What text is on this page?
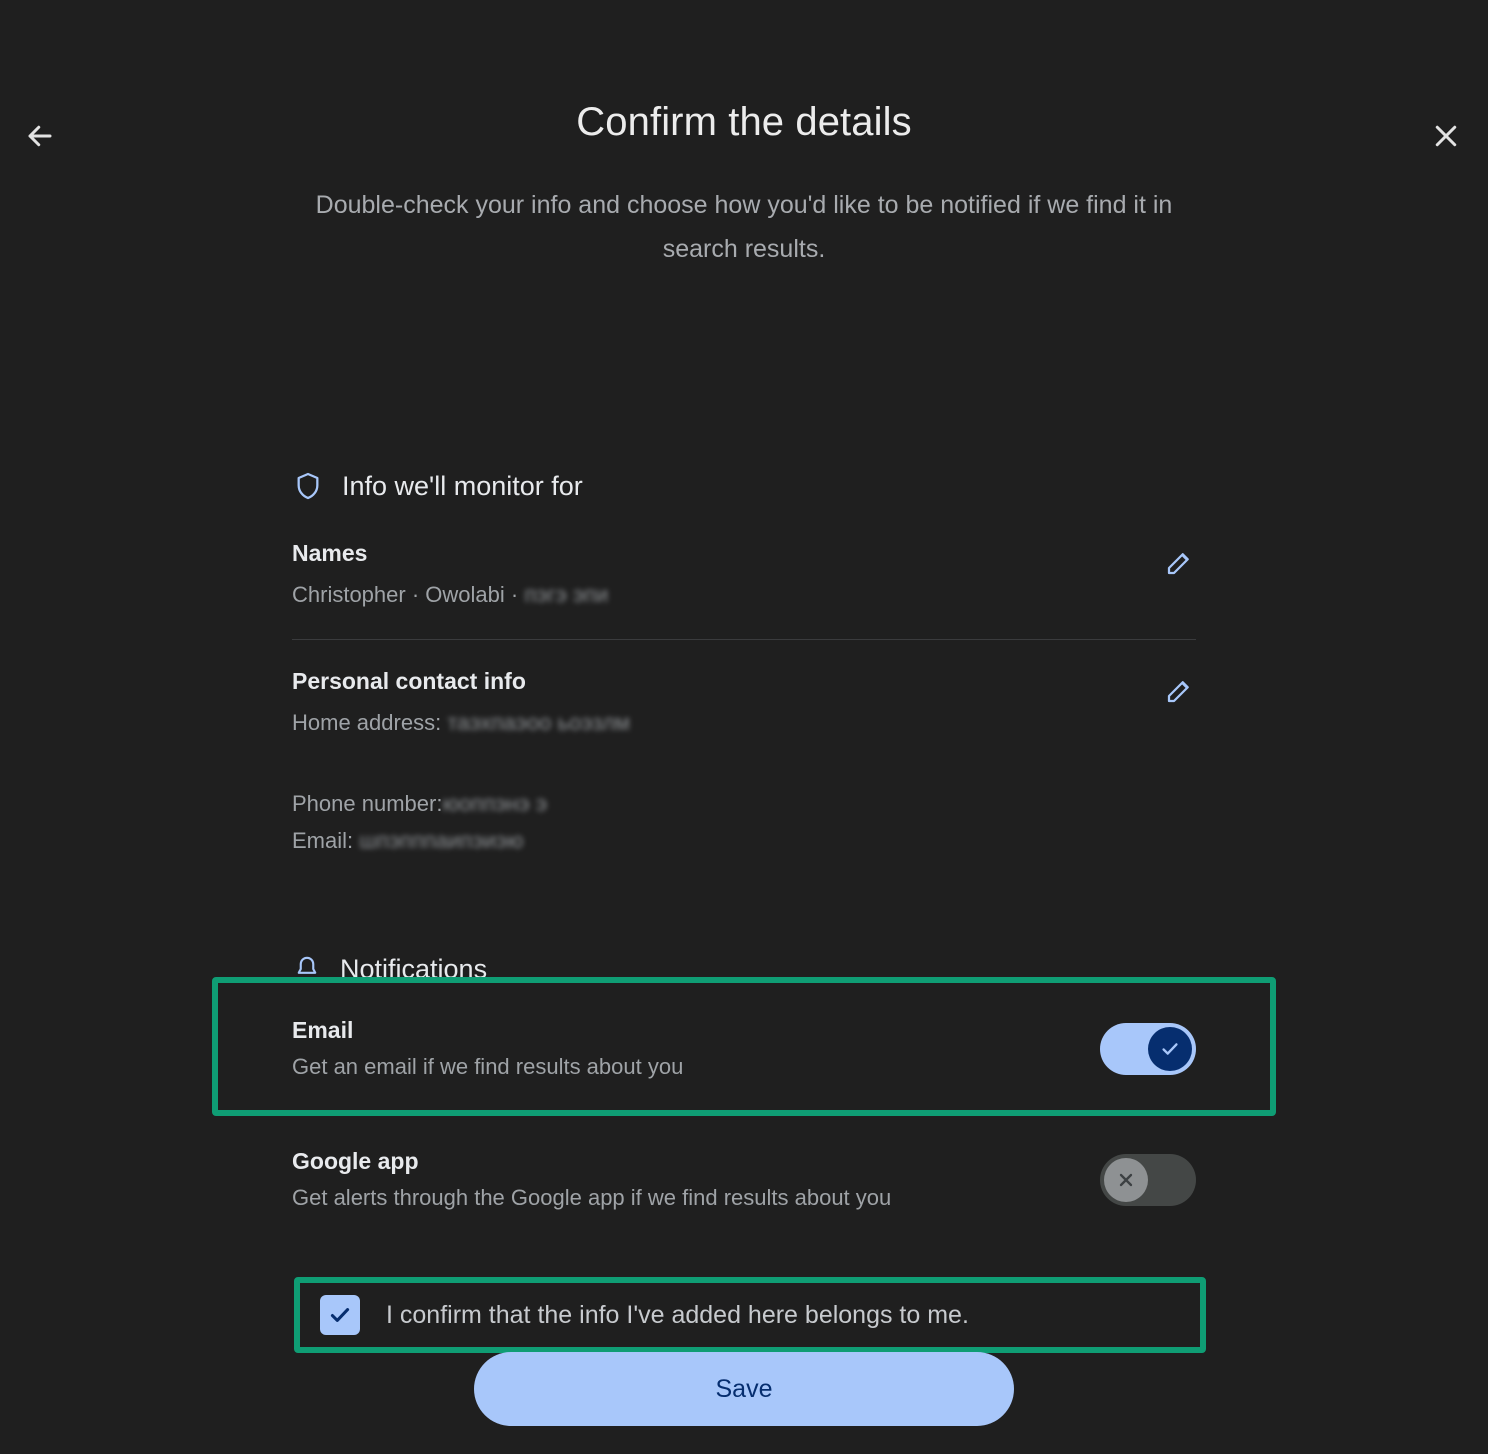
Confirm the details
Double-check your info and choose how you'd like to be notified if we find it in search results.
Info we'll monitor for
Names
Christopher · Owolabi · пэгэ эпи
Personal contact info
Home address: таэхпаэоо ьоэзлм
Phone number:юоппэнэ э
Email: шпэпппаипэиэю
Notifications
Email
Get an email if we find results about you
Google app
Get alerts through the Google app if we find results about you
I confirm that the info I've added here belongs to me.
Save
